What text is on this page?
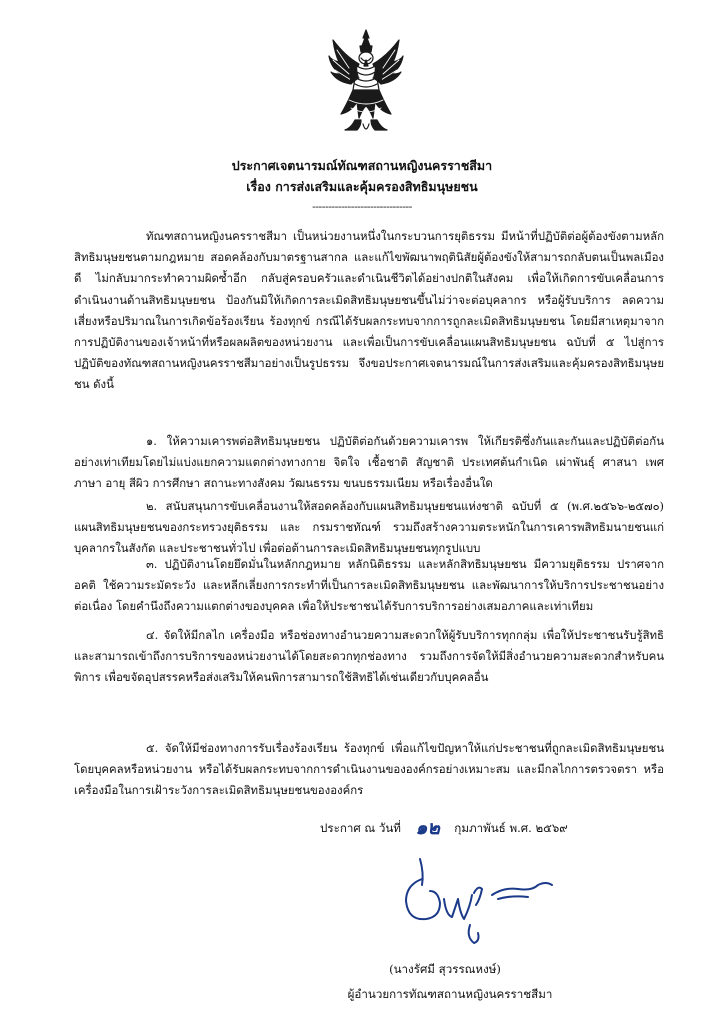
ประกาศเจตนารมณ์ทัณฑสถานหญิงนครราชสีมา
เรื่อง การส่งเสริมและคุ้มครองสิทธิมนุษยชน
-------------------------------

ทัณฑสถานหญิงนครราชสีมา เป็นหน่วยงานหนึ่งในกระบวนการยุติธรรม มีหน้าที่ปฏิบัติต่อผู้ต้องขังตามหลักสิทธิมนุษยชนตามกฎหมาย สอดคล้องกับมาตรฐานสากล และแก้ไขพัฒนาพฤตินิสัยผู้ต้องขังให้สามารถกลับตนเป็นพลเมืองดี ไม่กลับมากระทำความผิดซ้ำอีก กลับสู่ครอบครัวและดำเนินชีวิตได้อย่างปกติในสังคม เพื่อให้เกิดการขับเคลื่อนการดำเนินงานด้านสิทธิมนุษยชน ป้องกันมิให้เกิดการละเมิดสิทธิมนุษยชนขึ้นไม่ว่าจะต่อบุคลากร หรือผู้รับบริการ ลดความเสี่ยงหรือปริมาณในการเกิดข้อร้องเรียน ร้องทุกข์ กรณีได้รับผลกระทบจากการถูกละเมิดสิทธิมนุษยชน โดยมีสาเหตุมาจากการปฏิบัติงานของเจ้าหน้าที่หรือผลผลิตของหน่วยงาน และเพื่อเป็นการขับเคลื่อนแผนสิทธิมนุษยชน ฉบับที่ ๕ ไปสู่การปฏิบัติของทัณฑสถานหญิงนครราชสีมาอย่างเป็นรูปธรรม จึงขอประกาศเจตนารมณ์ในการส่งเสริมและคุ้มครองสิทธิมนุษยชน ดังนี้

๑. ให้ความเคารพต่อสิทธิมนุษยชน ปฏิบัติต่อกันด้วยความเคารพ ให้เกียรติซึ่งกันและกันและปฏิบัติต่อกันอย่างเท่าเทียมโดยไม่แบ่งแยกความแตกต่างทางกาย จิตใจ เชื้อชาติ สัญชาติ ประเทศต้นกำเนิด เผ่าพันธุ์ ศาสนา เพศ ภาษา อายุ สีผิว การศึกษา สถานะทางสังคม วัฒนธรรม ขนบธรรมเนียม หรือเรื่องอื่นใด

๒. สนับสนุนการขับเคลื่อนงานให้สอดคล้องกับแผนสิทธิมนุษยชนแห่งชาติ ฉบับที่ ๕ (พ.ศ.๒๕๖๖-๒๕๗๐) แผนสิทธิมนุษยชนของกระทรวงยุติธรรม และ กรมราชทัณฑ์ รวมถึงสร้างความตระหนักในการเคารพสิทธิมนายชนแก่บุคลากรในสังกัด และประชาชนทั่วไป เพื่อต่อต้านการละเมิดสิทธิมนุษยชนทุกรูปแบบ

๓. ปฏิบัติงานโดยยึดมั่นในหลักกฎหมาย หลักนิติธรรม และหลักสิทธิมนุษยชน มีความยุติธรรม ปราศจากอคติ ใช้ความระมัดระวัง และหลีกเลี่ยงการกระทำที่เป็นการละเมิดสิทธิมนุษยชน และพัฒนาการให้บริการประชาชนอย่างต่อเนื่อง โดยคำนึงถึงความแตกต่างของบุคคล เพื่อให้ประชาชนได้รับการบริการอย่างเสมอภาคและเท่าเทียม

๔. จัดให้มีกลไก เครื่องมือ หรือช่องทางอำนวยความสะดวกให้ผู้รับบริการทุกกลุ่ม เพื่อให้ประชาชนรับรู้สิทธิและสามารถเข้าถึงการบริการของหน่วยงานได้โดยสะดวกทุกช่องทาง รวมถึงการจัดให้มีสิ่งอำนวยความสะดวกสำหรับคนพิการ เพื่อขจัดอุปสรรคหรือส่งเสริมให้คนพิการสามารถใช้สิทธิได้เช่นเดียวกับบุคคลอื่น

๕. จัดให้มีช่องทางการรับเรื่องร้องเรียน ร้องทุกข์ เพื่อแก้ไขปัญหาให้แก่ประชาชนที่ถูกละเมิดสิทธิมนุษยชนโดยบุคคลหรือหน่วยงาน หรือได้รับผลกระทบจากการดำเนินงานขององค์กรอย่างเหมาะสม และมีกลไกการตรวจตรา หรือเครื่องมือในการเฝ้าระวังการละเมิดสิทธิมนุษยชนขององค์กร

ประกาศ ณ วันที่ ๑๒ กุมภาพันธ์ พ.ศ. ๒๕๖๙
(นางรัศมี สุวรรณหงษ์)
ผู้อำนวยการทัณฑสถานหญิงนครราชสีมา
